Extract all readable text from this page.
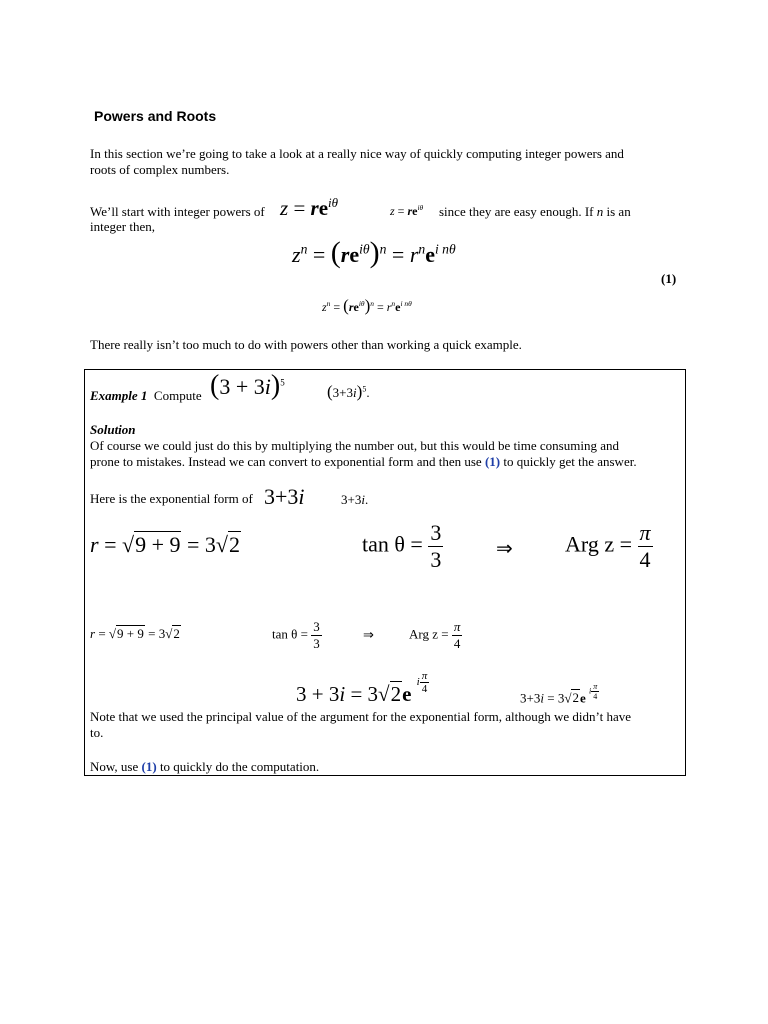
Powers and Roots
In this section we’re going to take a look at a really nice way of quickly computing integer powers and
roots of complex numbers.
We’ll start with integer powers of $z = re^{i\theta}$
$z = re^{i\theta}$ since they are easy enough. If n is an
integer then,
$z^n = (re^{i\theta})^n = r^ne^{i n\theta}$
(1)
$z^n = (re^{i\theta})^n = r^ne^{i n\theta}$
There really isn’t too much to do with powers other than working a quick example.
Example 1 Compute $(3 + 3i)^5$ $(3+3i)^5$.
Solution
Of course we could just do this by multiplying the number out, but this would be time consuming and
prone to mistakes. Instead we can convert to exponential form and then use (1) to quickly get the answer.
Here is the exponential form of 3+3i	3+3i.
r = √9 + 9 = 3√2	$\tan \theta = \frac{3}{3}$	⇒ Arg $z = \frac{\pi}{4}$
r = √9 + 9 = 3√2	$\tan \theta = \frac{3}{3}$	⇒	Arg $z = \frac{\pi}{4}$
3 + 3i = 3√2e i $\frac{\pi}{4}$
3+3i = 3√2e i $\frac{\pi}{4}$
Note that we used the principal value of the argument for the exponential form, although we didn’t have
to.
Now, use (1) to quickly do the computation.
